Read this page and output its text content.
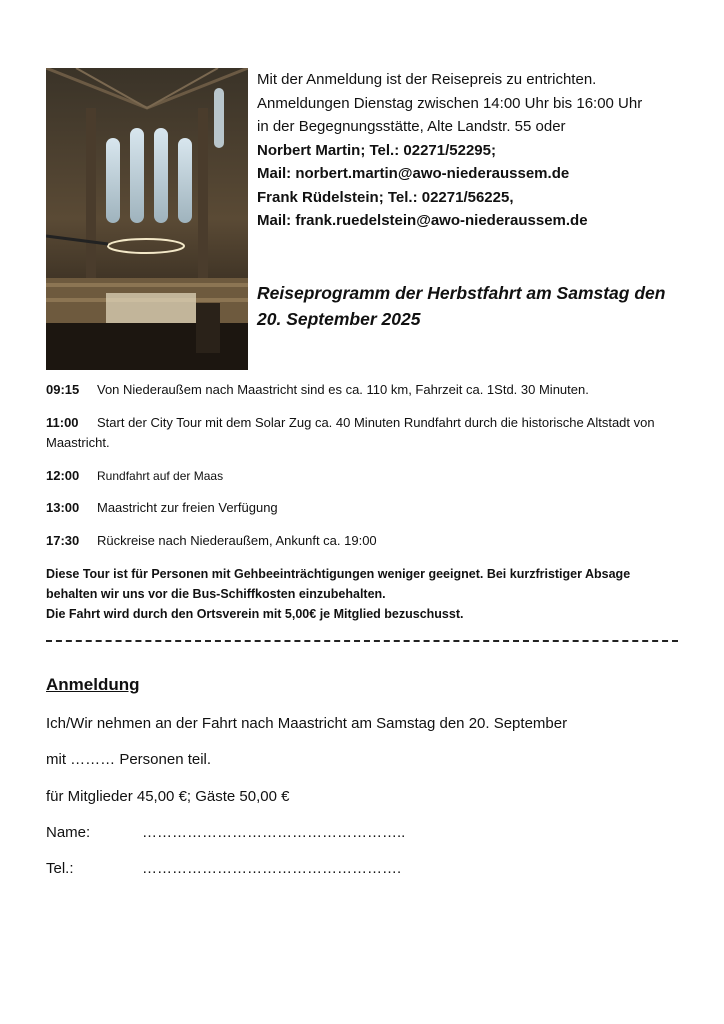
Mit der Anmeldung ist der Reisepreis zu entrichten.
Anmeldungen Dienstag zwischen 14:00 Uhr bis 16:00 Uhr
in der Begegnungsstätte, Alte Landstr. 55 oder
Norbert Martin; Tel.: 02271/52295;
Mail: norbert.martin@awo-niederaussem.de
Frank Rüdelstein; Tel.: 02271/56225,
Mail: frank.ruedelstein@awo-niederaussem.de
Reiseprogramm der Herbstfahrt am Samstag den
20. September 2025
09:15 Von Niederaußem nach Maastricht sind es ca. 110 km, Fahrzeit ca. 1Std. 30 Minuten.
11:00 Start der City Tour mit dem Solar Zug ca. 40 Minuten Rundfahrt durch die historische Altstadt von
Maastricht.
12:00 Rundfahrt auf der Maas
13:00 Maastricht zur freien Verfügung
17:30 Rückreise nach Niederaußem, Ankunft ca. 19:00
Diese Tour ist für Personen mit Gehbeeinträchtigungen weniger geeignet. Bei kurzfristiger Absage
behalten wir uns vor die Bus-Schiffkosten einzubehalten.
Die Fahrt wird durch den Ortsverein mit 5,00€ je Mitglied bezuschusst.
Anmeldung
Ich/Wir nehmen an der Fahrt nach Maastricht am Samstag den 20. September
mit ……… Personen teil.
für Mitglieder 45,00 €; Gäste 50,00 €
Name:	……………………………………………..
Tel.:	…………………………………………….
